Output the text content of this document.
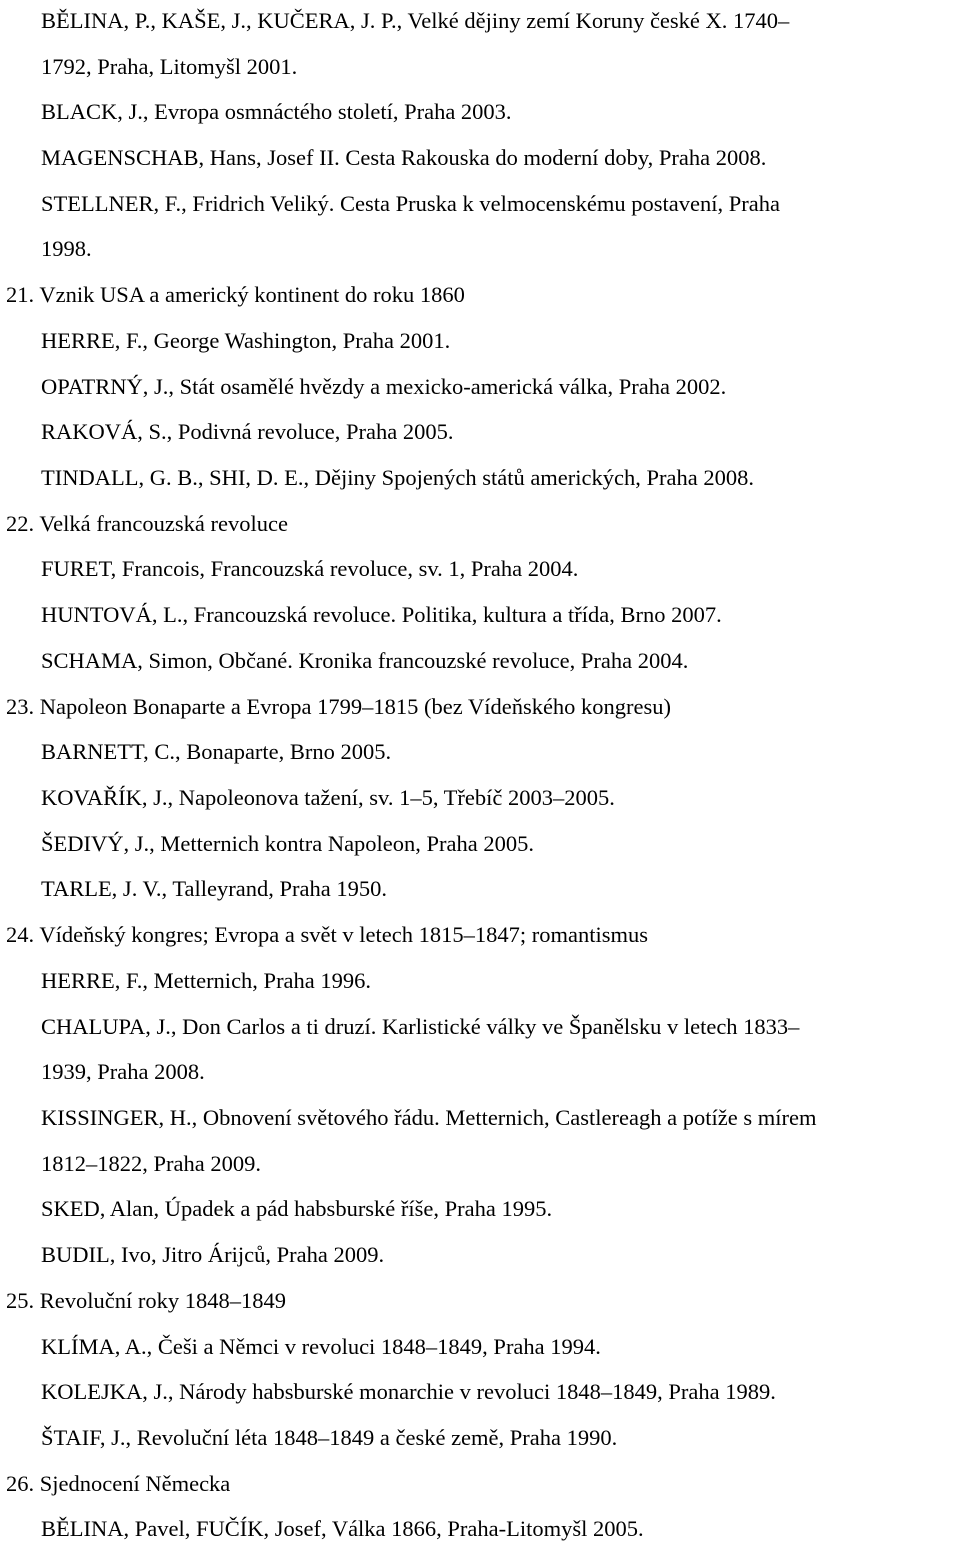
BĚLINA, P., KAŠE, J., KUČERA, J. P., Velké dějiny zemí Koruny české X. 1740–
1792, Praha, Litomyšl 2001.
BLACK, J., Evropa osmnáctého století, Praha 2003.
MAGENSCHAB, Hans, Josef II. Cesta Rakouska do moderní doby, Praha 2008.
STELLNER, F., Fridrich Veliký. Cesta Pruska k velmocenskému postavení, Praha
1998.
21. Vznik USA a americký kontinent do roku 1860
HERRE, F., George Washington, Praha 2001.
OPATRNÝ, J., Stát osamělé hvězdy a mexicko-americká válka, Praha 2002.
RAKOVÁ, S., Podivná revoluce, Praha 2005.
TINDALL, G. B., SHI, D. E., Dějiny Spojených států amerických, Praha 2008.
22. Velká francouzská revoluce
FURET, Francois, Francouzská revoluce, sv. 1, Praha 2004.
HUNTOVÁ, L., Francouzská revoluce. Politika, kultura a třída, Brno 2007.
SCHAMA, Simon, Občané. Kronika francouzské revoluce, Praha 2004.
23. Napoleon Bonaparte a Evropa 1799–1815 (bez Vídeňského kongresu)
BARNETT, C., Bonaparte, Brno 2005.
KOVAŘÍK, J., Napoleonova tažení, sv. 1–5, Třebíč 2003–2005.
ŠEDIVÝ, J., Metternich kontra Napoleon, Praha 2005.
TARLE, J. V., Talleyrand, Praha 1950.
24. Vídeňský kongres; Evropa a svět v letech 1815–1847; romantismus
HERRE, F., Metternich, Praha 1996.
CHALUPA, J., Don Carlos a ti druzí. Karlistické války ve Španělsku v letech 1833–
1939, Praha 2008.
KISSINGER, H., Obnovení světového řádu. Metternich, Castlereagh a potíže s mírem
1812–1822, Praha 2009.
SKED, Alan, Úpadek a pád habsburské říše, Praha 1995.
BUDIL, Ivo, Jitro Árijců, Praha 2009.
25. Revoluční roky 1848–1849
KLÍMA, A., Češi a Němci v revoluci 1848–1849, Praha 1994.
KOLEJKA, J., Národy habsburské monarchie v revoluci 1848–1849, Praha 1989.
ŠTAIF, J., Revoluční léta 1848–1849 a české země, Praha 1990.
26. Sjednocení Německa
BĚLINA, Pavel, FUČÍK, Josef, Válka 1866, Praha-Litomyšl 2005.
